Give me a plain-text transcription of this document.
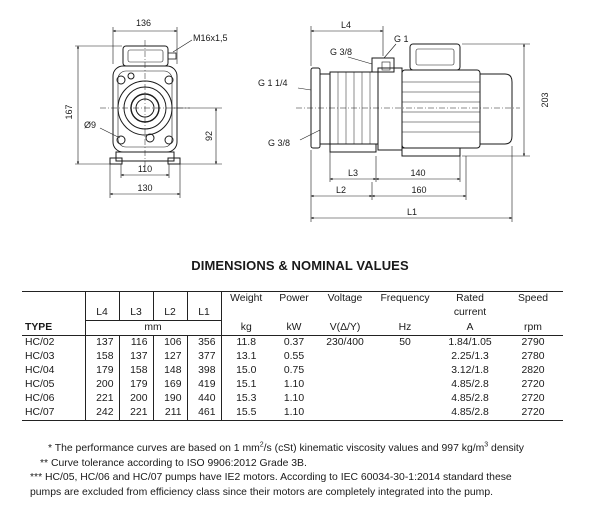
136
M16x1,5
167
Ø9
92
110
130
L4
G 3/8
G 1
G 1 1/4
G 3/8
203
L3	140
L2	160
L1
DIMENSIONS & NOMINAL VALUES
					Weight	Power	Voltage	Frequency	Rated	Speed
	L4	L3	L2	L1					current	
TYPE	mm				kg	kW	V(Δ/Y)	Hz	A	rpm
HC/02	137	116	106	356	11.8	0.37	230/400	50	1.84/1.05	2790
HC/03	158	137	127	377	13.1	0.55			2.25/1.3	2780
HC/04	179	158	148	398	15.0	0.75			3.12/1.8	2820
HC/05	200	179	169	419	15.1	1.10			4.85/2.8	2720
HC/06	221	200	190	440	15.3	1.10			4.85/2.8	2720
HC/07	242	221	211	461	15.5	1.10			4.85/2.8	2720
* The performance curves are based on 1 $mm^2/s$ (cSt) kinematic viscosity values and 997 $kg/m^3$ density
** Curve tolerance according to ISO 9906:2012 Grade 3B.
*** HC/05, HC/06 and HC/07 pumps have IE2 motors. According to IEC 60034-30-1:2014 standard these
pumps are excluded from efficiency class since their motors are completely integrated into the pump.
